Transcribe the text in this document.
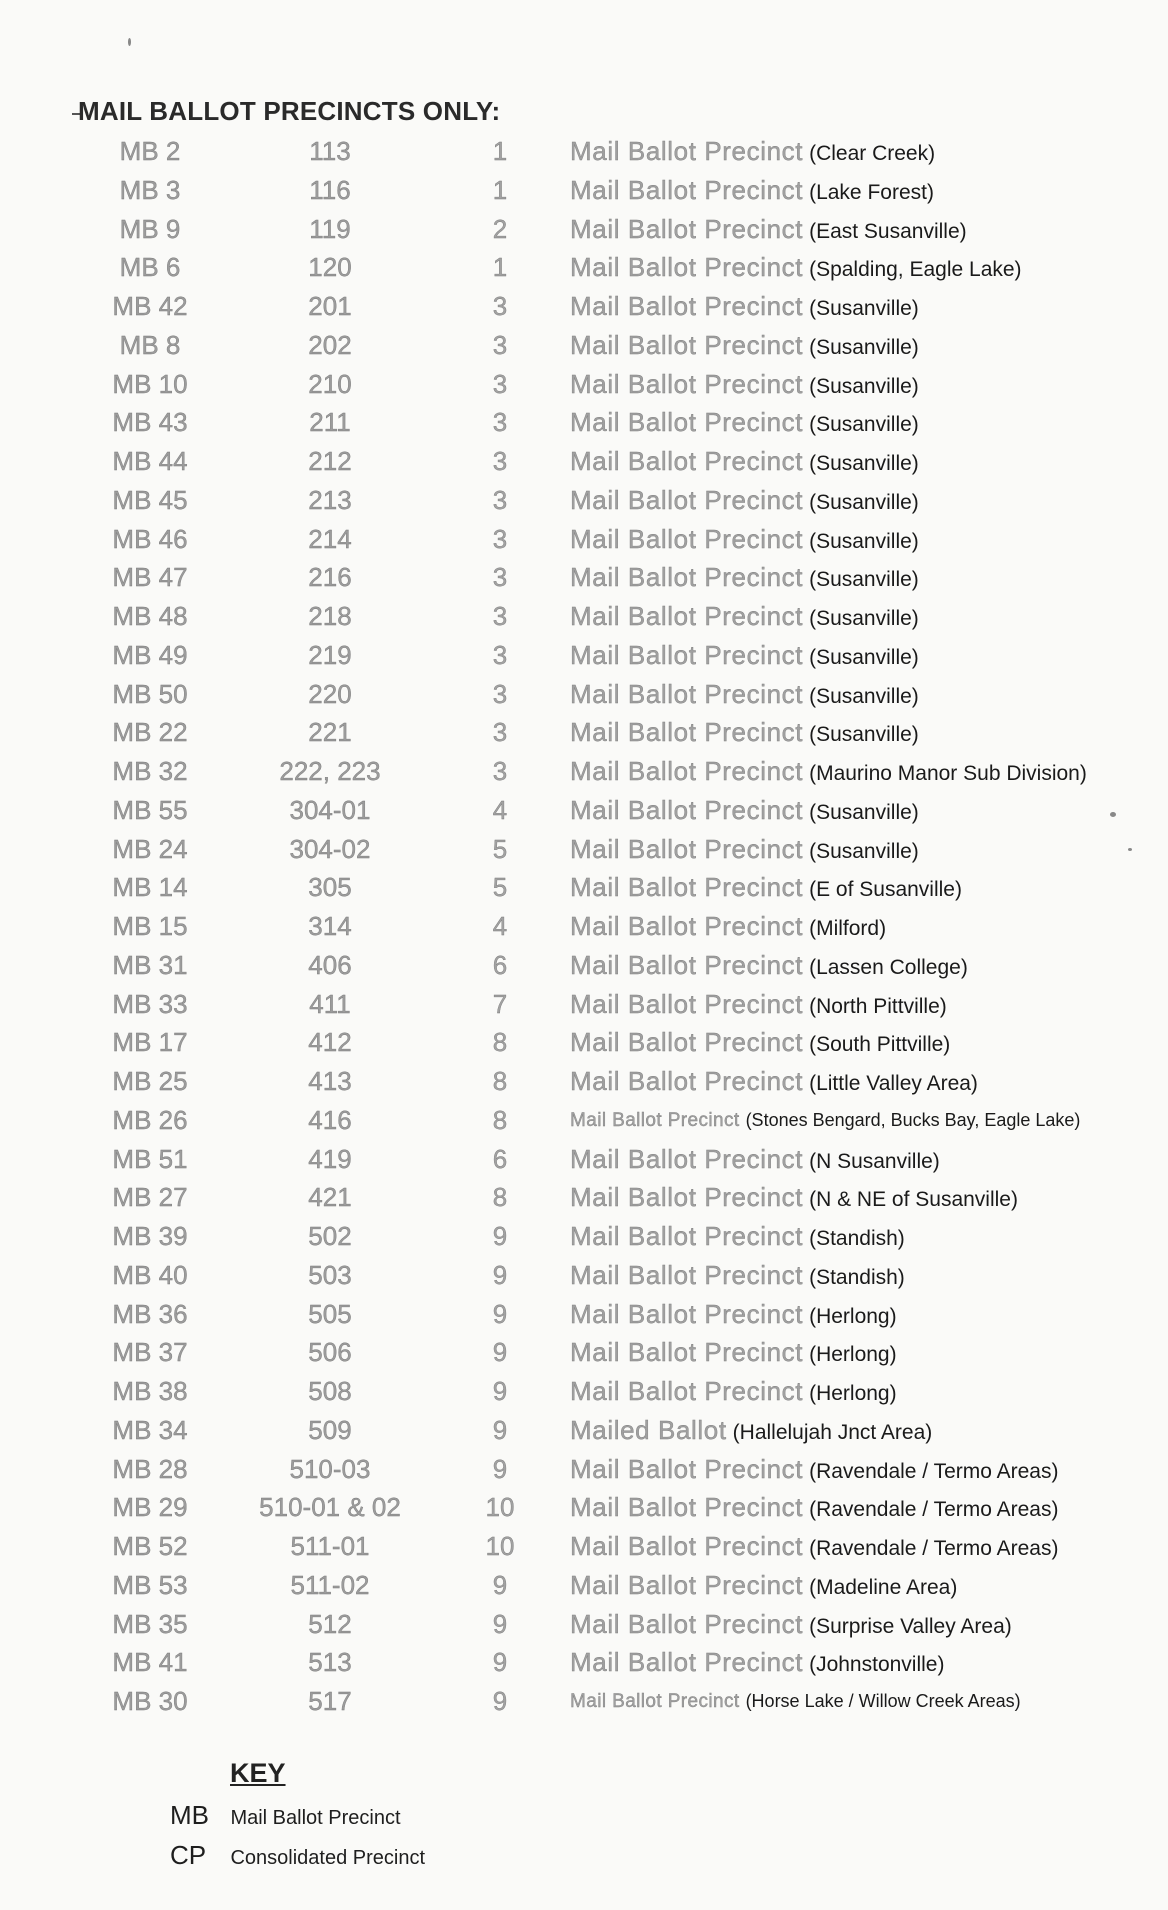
MAIL BALLOT PRECINCTS ONLY:
MB 2	113	1	Mail Ballot Precinct (Clear Creek)
MB 3	116	1	Mail Ballot Precinct (Lake Forest)
MB 9	119	2	Mail Ballot Precinct (East Susanville)
MB 6	120	1	Mail Ballot Precinct (Spalding, Eagle Lake)
MB 42	201	3	Mail Ballot Precinct (Susanville)
MB 8	202	3	Mail Ballot Precinct (Susanville)
MB 10	210	3	Mail Ballot Precinct (Susanville)
MB 43	211	3	Mail Ballot Precinct (Susanville)
MB 44	212	3	Mail Ballot Precinct (Susanville)
MB 45	213	3	Mail Ballot Precinct (Susanville)
MB 46	214	3	Mail Ballot Precinct (Susanville)
MB 47	216	3	Mail Ballot Precinct (Susanville)
MB 48	218	3	Mail Ballot Precinct (Susanville)
MB 49	219	3	Mail Ballot Precinct (Susanville)
MB 50	220	3	Mail Ballot Precinct (Susanville)
MB 22	221	3	Mail Ballot Precinct (Susanville)
MB 32	222, 223	3	Mail Ballot Precinct (Maurino Manor Sub Division)
MB 55	304-01	4	Mail Ballot Precinct (Susanville)
MB 24	304-02	5	Mail Ballot Precinct (Susanville)
MB 14	305	5	Mail Ballot Precinct (E of Susanville)
MB 15	314	4	Mail Ballot Precinct (Milford)
MB 31	406	6	Mail Ballot Precinct (Lassen College)
MB 33	411	7	Mail Ballot Precinct (North Pittville)
MB 17	412	8	Mail Ballot Precinct (South Pittville)
MB 25	413	8	Mail Ballot Precinct (Little Valley Area)
MB 26	416	8	Mail Ballot Precinct (Stones Bengard, Bucks Bay, Eagle Lake)
MB 51	419	6	Mail Ballot Precinct (N Susanville)
MB 27	421	8	Mail Ballot Precinct (N & NE of Susanville)
MB 39	502	9	Mail Ballot Precinct (Standish)
MB 40	503	9	Mail Ballot Precinct (Standish)
MB 36	505	9	Mail Ballot Precinct (Herlong)
MB 37	506	9	Mail Ballot Precinct (Herlong)
MB 38	508	9	Mail Ballot Precinct (Herlong)
MB 34	509	9	Mailed Ballot (Hallelujah Jnct Area)
MB 28	510-03	9	Mail Ballot Precinct (Ravendale / Termo Areas)
MB 29	510-01 & 02	10	Mail Ballot Precinct (Ravendale / Termo Areas)
MB 52	511-01	10	Mail Ballot Precinct (Ravendale / Termo Areas)
MB 53	511-02	9	Mail Ballot Precinct (Madeline Area)
MB 35	512	9	Mail Ballot Precinct (Surprise Valley Area)
MB 41	513	9	Mail Ballot Precinct (Johnstonville)
MB 30	517	9	Mail Ballot Precinct (Horse Lake / Willow Creek Areas)
KEY
MB Mail Ballot Precinct
CP Consolidated Precinct
